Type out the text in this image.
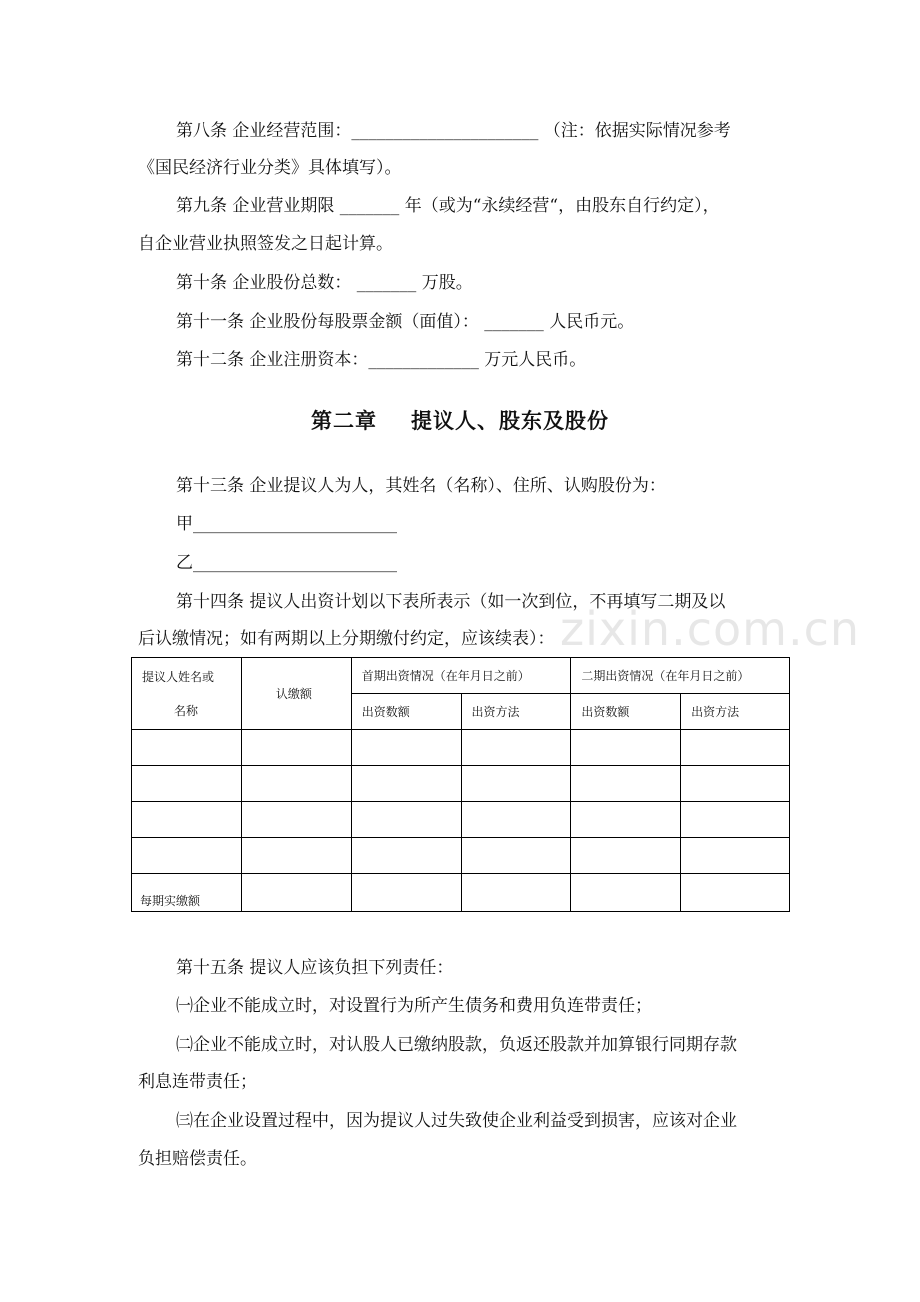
第八条 企业经营范围：______________________ （注：依据实际情况参考

《国民经济行业分类》具体填写）。

第九条 企业营业期限 _______ 年（或为“永续经营“，由股东自行约定），

自企业营业执照签发之日起计算。

第十条 企业股份总数： _______ 万股。

第十一条 企业股份每股票金额（面值）： _______ 人民币元。

第十二条 企业注册资本：_____________ 万元人民币。

第二章 提议人、股东及股份

第十三条 企业提议人为人，其姓名（名称）、住所、认购股份为：

甲________________________

乙________________________

第十四条 提议人出资计划以下表所表示（如一次到位，不再填写二期及以

后认缴情况；如有两期以上分期缴付约定，应该续表）： zixin.com.cn
提议人姓名或
名称	认缴额	首期出资情况（在年月日之前）		二期出资情况（在年月日之前）	
		出资数额	出资方法	出资数额	出资方法

每期实缴额					

第十五条 提议人应该负担下列责任：

㈠企业不能成立时，对设置行为所产生债务和费用负连带责任；

㈡企业不能成立时，对认股人已缴纳股款，负返还股款并加算银行同期存款

利息连带责任；

㈢在企业设置过程中，因为提议人过失致使企业利益受到损害，应该对企业

负担赔偿责任。
